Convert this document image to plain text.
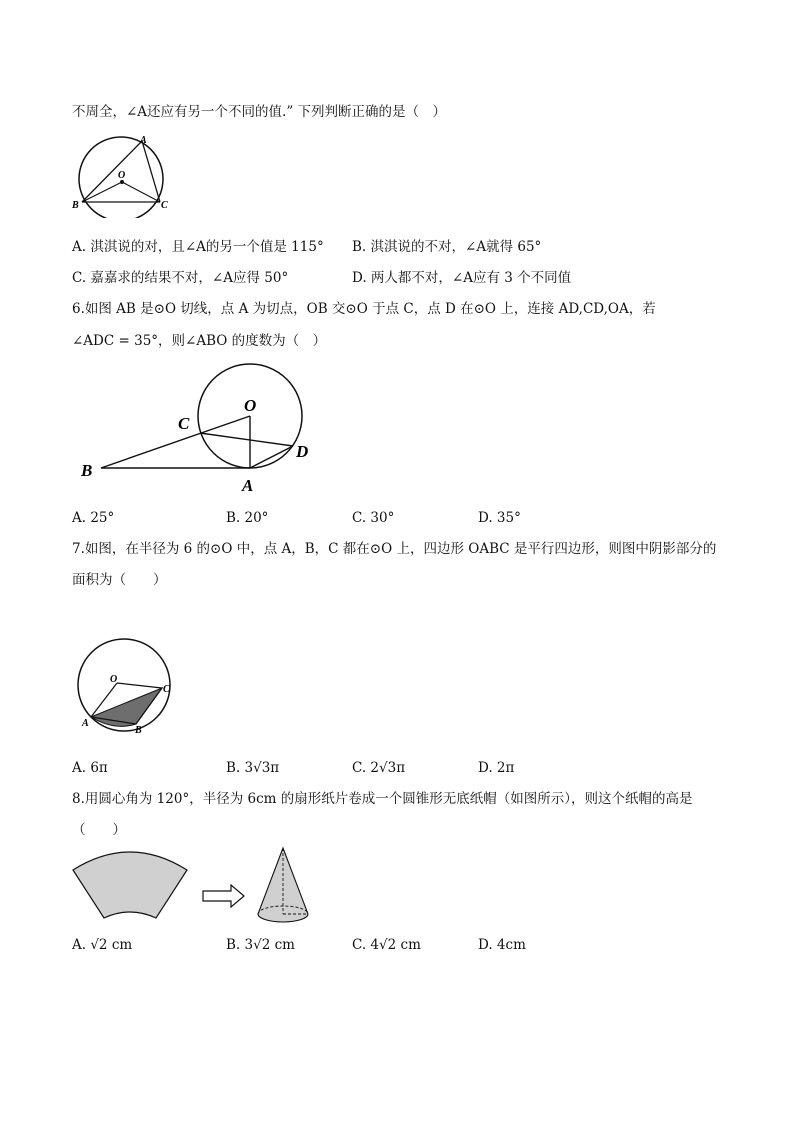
不周全，∠A还应有另一个不同的值.” 下列判断正确的是（　）
A
O
B	C
A. 淇淇说的对，且∠A的另一个值是 115° B. 淇淇说的不对，∠A就得 65°
C. 嘉嘉求的结果不对，∠A应得 50°	D. 两人都不对，∠A应有 3 个不同值
6.如图 AB 是⊙O 切线，点 A 为切点，OB 交⊙O 于点 C，点 D 在⊙O 上，连接 AD,CD,OA，若
∠ADC = 35°，则∠ABO 的度数为（　）
O
C
D
B
A
A. 25°	B. 20°	C. 30°	D. 35°
7.如图，在半径为 6 的⊙O 中，点 A，B，C 都在⊙O 上，四边形 OABC 是平行四边形，则图中阴影部分的
面积为（　　）
O
C
A
B
A. 6π	B. 3√3π	C. 2√3π	D. 2π
8.用圆心角为 120°，半径为 6cm 的扇形纸片卷成一个圆锥形无底纸帽（如图所示），则这个纸帽的高是
（　　）
A. √2 cm	B. 3√2 cm	C. 4√2 cm	D. 4cm
